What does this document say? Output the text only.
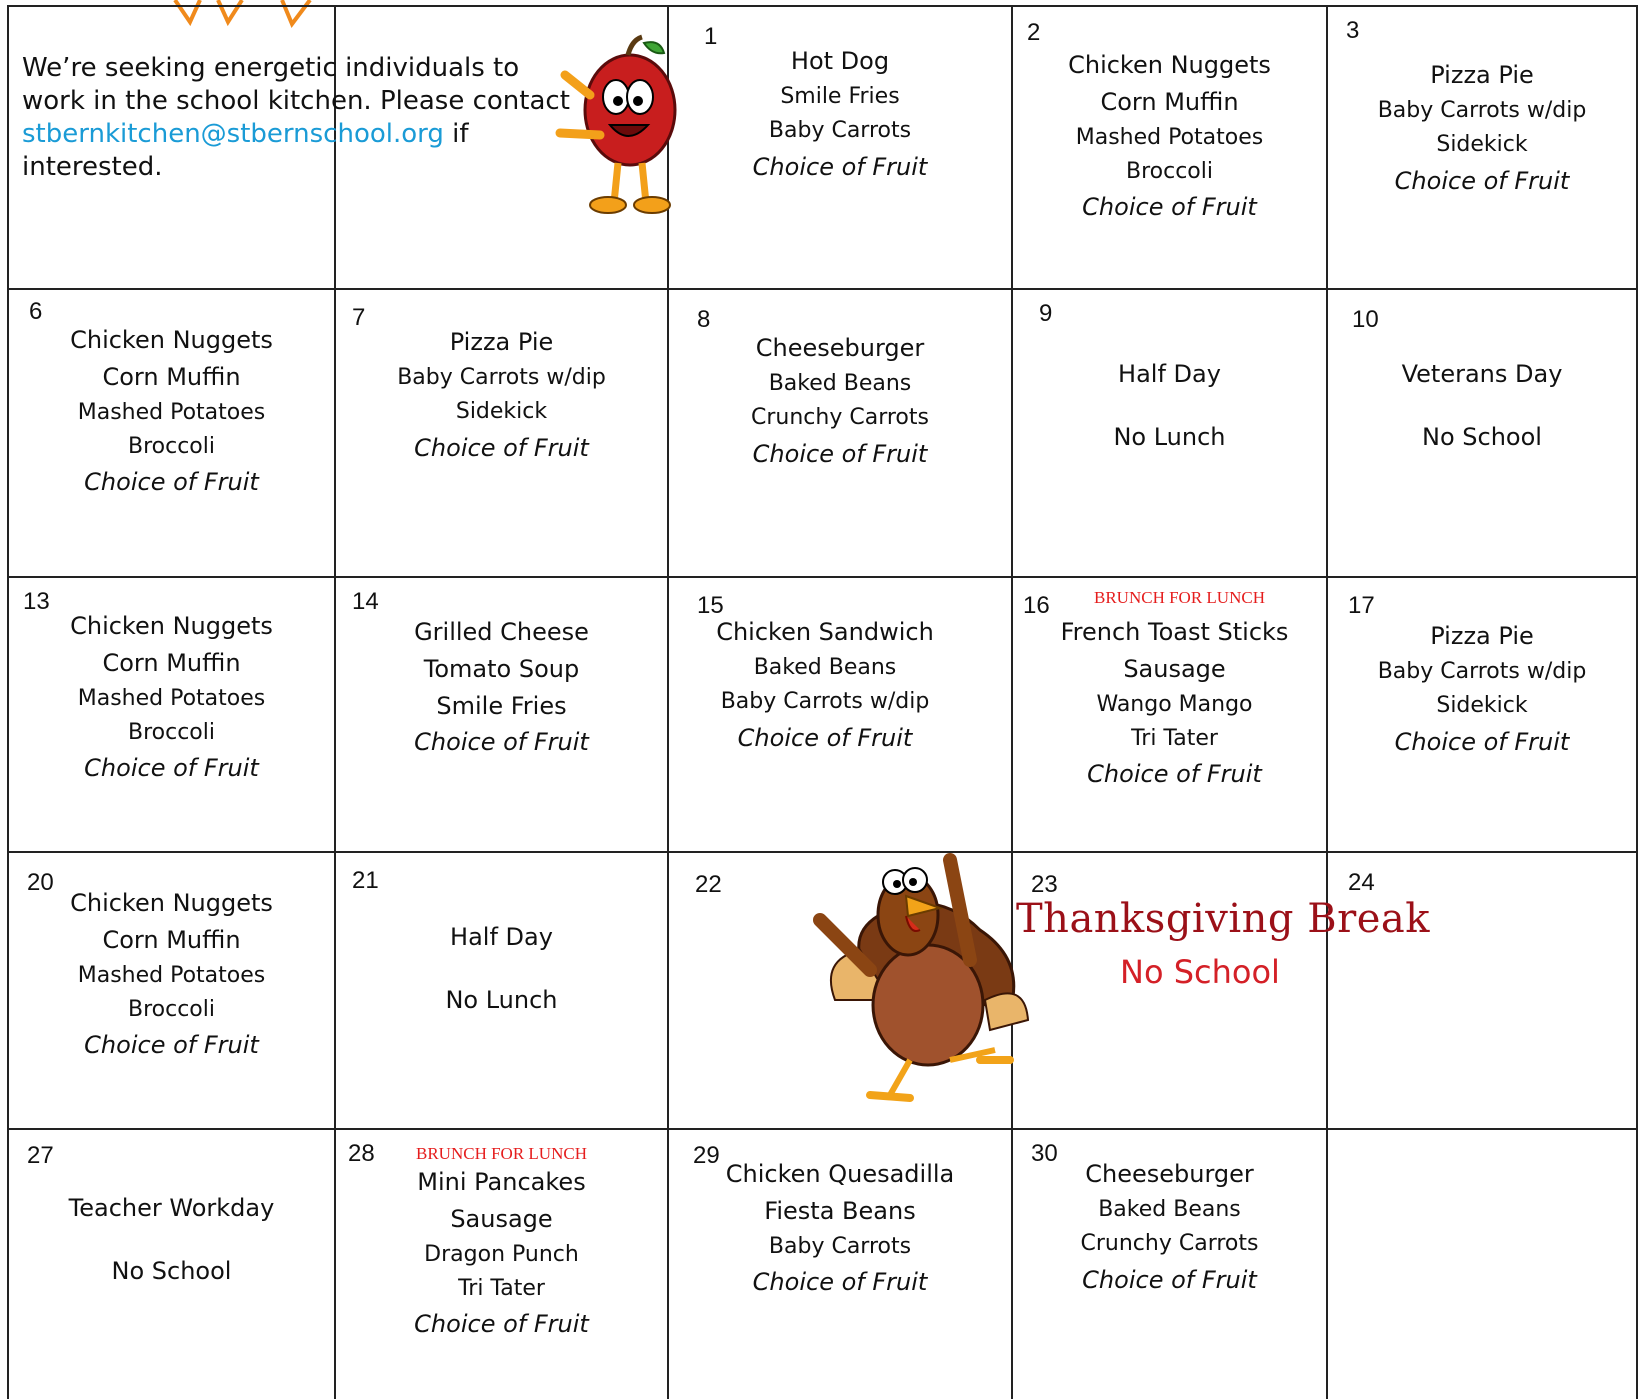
We’re seeking energetic individuals to work in the school kitchen. Please contact stbernkitchen@stbernschool.org if interested.
1
Hot Dog
Smile Fries
Baby Carrots
Choice of Fruit
2
Chicken Nuggets
Corn Muffin
Mashed Potatoes
Broccoli
Choice of Fruit
3
Pizza Pie
Baby Carrots w/dip
Sidekick
Choice of Fruit
6
Chicken Nuggets
Corn Muffin
Mashed Potatoes
Broccoli
Choice of Fruit
7
Pizza Pie
Baby Carrots w/dip
Sidekick
Choice of Fruit
8
Cheeseburger
Baked Beans
Crunchy Carrots
Choice of Fruit
9
Half Day
No Lunch
10
Veterans Day
No School
13
Chicken Nuggets
Corn Muffin
Mashed Potatoes
Broccoli
Choice of Fruit
14
Grilled Cheese
Tomato Soup
Smile Fries
Choice of Fruit
15
Chicken Sandwich
Baked Beans
Baby Carrots w/dip
Choice of Fruit
16	BRUNCH FOR LUNCH
French Toast Sticks
Sausage
Wango Mango
Tri Tater
Choice of Fruit
17
Pizza Pie
Baby Carrots w/dip
Sidekick
Choice of Fruit
20
Chicken Nuggets
Corn Muffin
Mashed Potatoes
Broccoli
Choice of Fruit
21
Half Day
No Lunch
22	23	24
Thanksgiving Break
No School
27
Teacher Workday
No School
28	BRUNCH FOR LUNCH
Mini Pancakes
Sausage
Dragon Punch
Tri Tater
Choice of Fruit
29
Chicken Quesadilla
Fiesta Beans
Baby Carrots
Choice of Fruit
30
Cheeseburger
Baked Beans
Crunchy Carrots
Choice of Fruit
